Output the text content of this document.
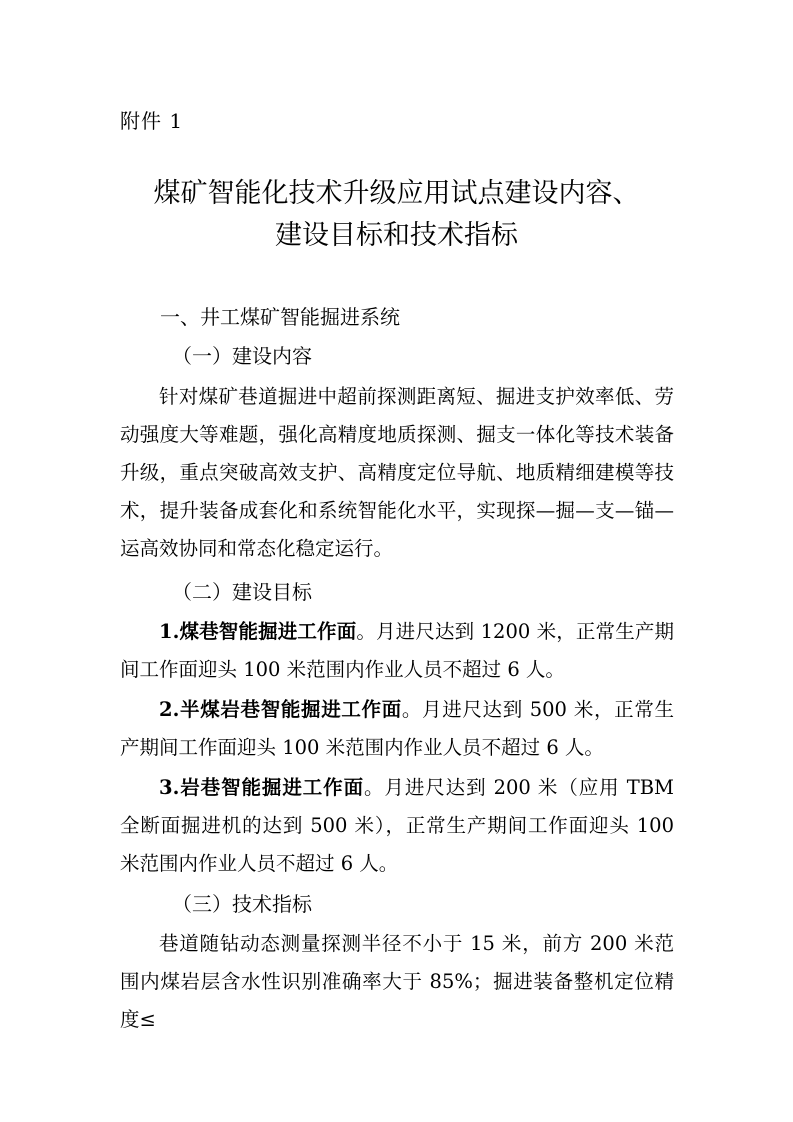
附件 1
煤矿智能化技术升级应用试点建设内容、
建设目标和技术指标
一、井工煤矿智能掘进系统
（一）建设内容
针对煤矿巷道掘进中超前探测距离短、掘进支护效率低、劳动强度大等难题，强化高精度地质探测、掘支一体化等技术装备升级，重点突破高效支护、高精度定位导航、地质精细建模等技术，提升装备成套化和系统智能化水平，实现探—掘—支—锚—运高效协同和常态化稳定运行。
（二）建设目标
1.煤巷智能掘进工作面。月进尺达到 1200 米，正常生产期间工作面迎头 100 米范围内作业人员不超过 6 人。
2.半煤岩巷智能掘进工作面。月进尺达到 500 米，正常生产期间工作面迎头 100 米范围内作业人员不超过 6 人。
3.岩巷智能掘进工作面。月进尺达到 200 米（应用 TBM 全断面掘进机的达到 500 米），正常生产期间工作面迎头 100 米范围内作业人员不超过 6 人。
（三）技术指标
巷道随钻动态测量探测半径不小于 15 米，前方 200 米范围内煤岩层含水性识别准确率大于 85%；掘进装备整机定位精度≤
